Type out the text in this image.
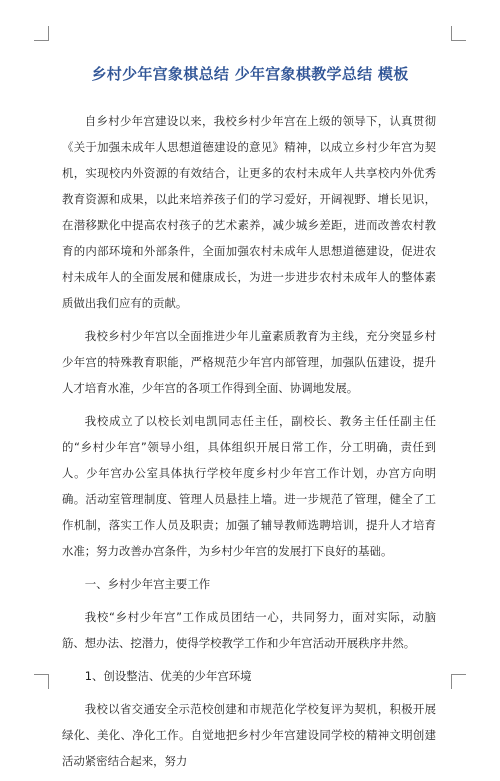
乡村少年宫象棋总结 少年宫象棋教学总结 模板

自乡村少年宫建设以来，我校乡村少年宫在上级的领导下，认真贯彻《关于加强未成年人思想道德建设的意见》精神，以成立乡村少年宫为契机，实现校内外资源的有效结合，让更多的农村未成年人共享校内外优秀教育资源和成果，以此来培养孩子们的学习爱好，开阔视野、增长见识，在潜移默化中提高农村孩子的艺术素养，减少城乡差距，进而改善农村教育的内部环境和外部条件，全面加强农村未成年人思想道德建设，促进农村未成年人的全面发展和健康成长，为进一步进步农村未成年人的整体素质做出我们应有的贡献。

我校乡村少年宫以全面推进少年儿童素质教育为主线，充分突显乡村少年宫的特殊教育职能，严格规范少年宫内部管理，加强队伍建设，提升人才培育水准，少年宫的各项工作得到全面、协调地发展。

我校成立了以校长刘电凯同志任主任，副校长、教务主任任副主任的“乡村少年宫”领导小组，具体组织开展日常工作，分工明确，责任到人。少年宫办公室具体执行学校年度乡村少年宫工作计划，办宫方向明确。活动室管理制度、管理人员悬挂上墙。进一步规范了管理，健全了工作机制，落实工作人员及职责；加强了辅导教师选聘培训，提升人才培育水准；努力改善办宫条件，为乡村少年宫的发展打下良好的基础。

一、乡村少年宫主要工作

我校“乡村少年宫”工作成员团结一心，共同努力，面对实际，动脑筋、想办法、挖潜力，使得学校教学工作和少年宫活动开展秩序井然。

1、创设整洁、优美的少年宫环境

我校以省交通安全示范校创建和市规范化学校复评为契机，积极开展绿化、美化、净化工作。自觉地把乡村少年宫建设同学校的精神文明创建活动紧密结合起来，努力
